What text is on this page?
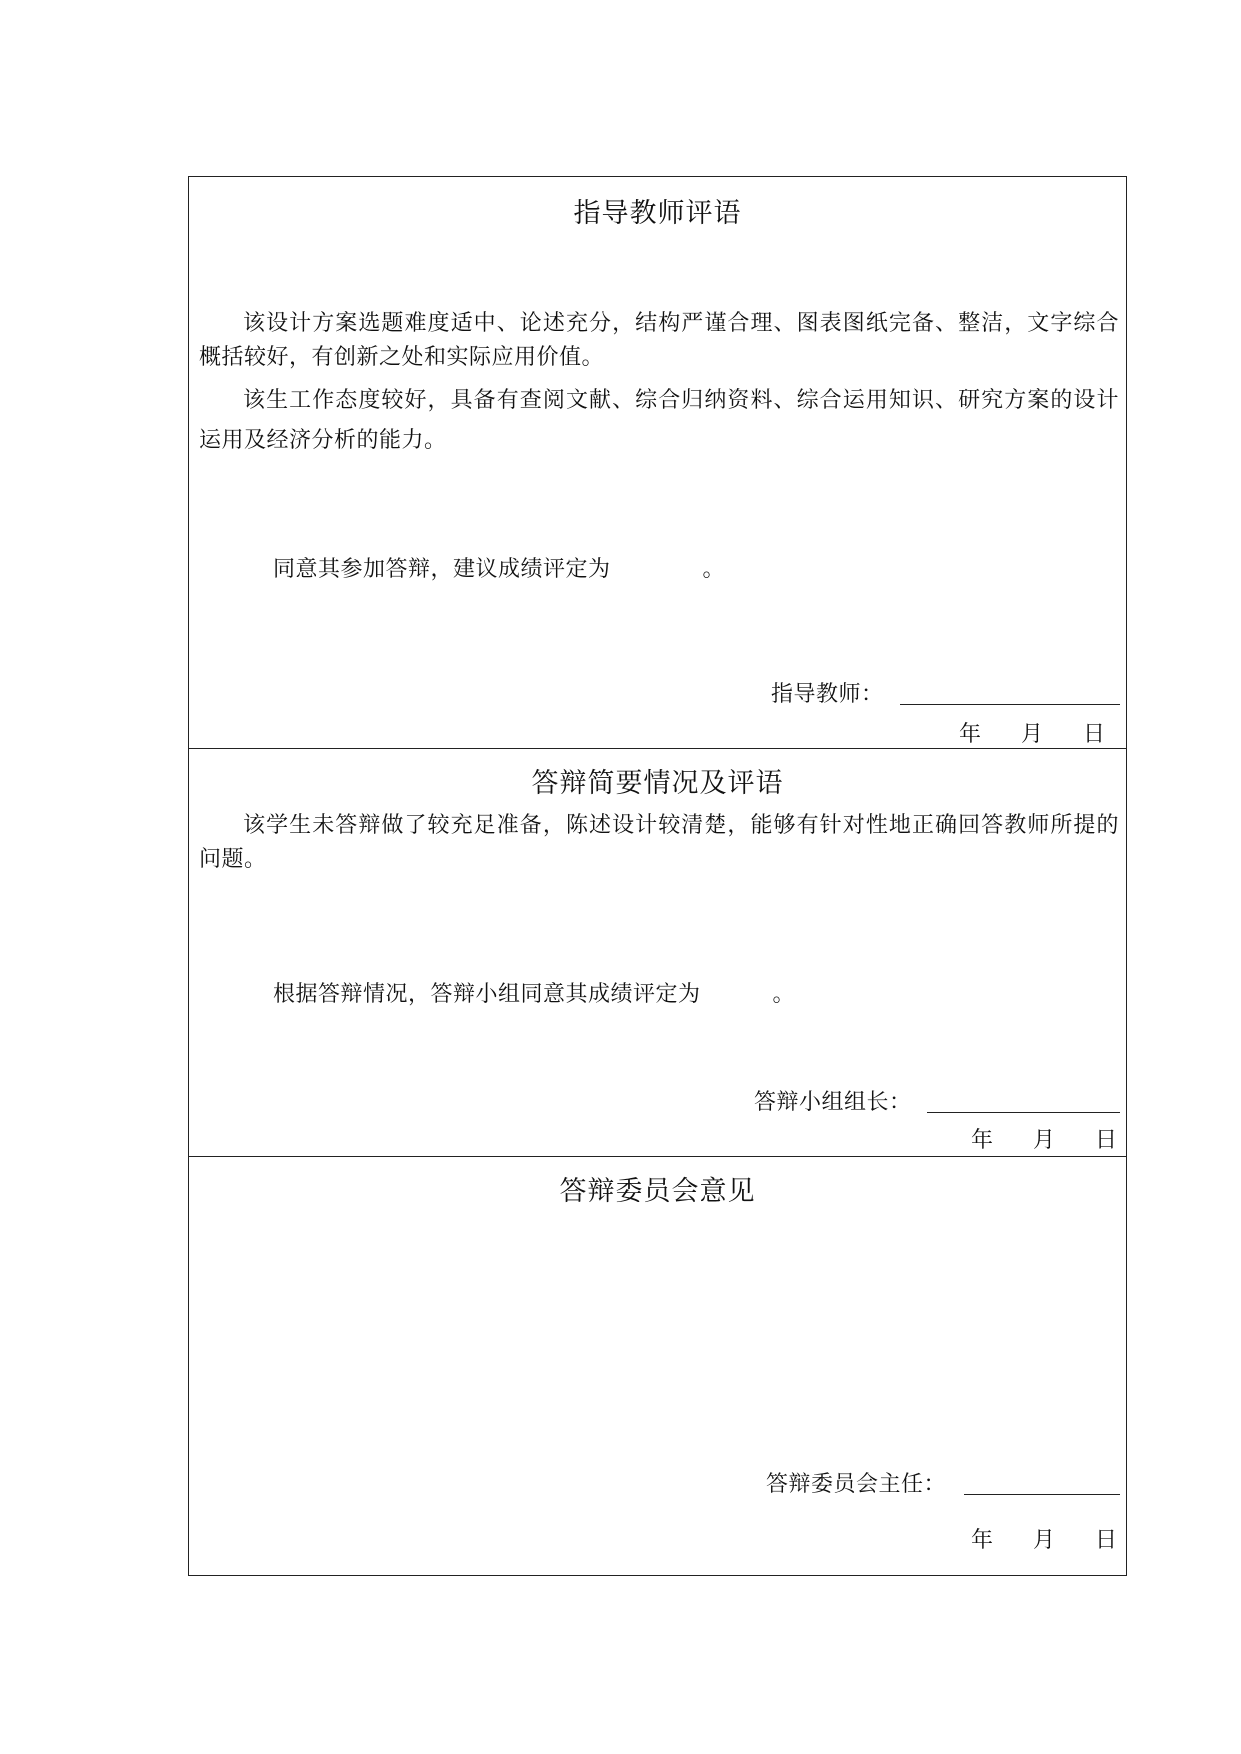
指导教师评语
该设计方案选题难度适中、论述充分，结构严谨合理、图表图纸完备、整洁，文字综合概括较好，有创新之处和实际应用价值。
该生工作态度较好，具备有查阅文献、综合归纳资料、综合运用知识、研究方案的设计运用及经济分析的能力。
同意其参加答辩，建议成绩评定为	。
指导教师：
年 月 日
答辩简要情况及评语
该学生未答辩做了较充足准备，陈述设计较清楚，能够有针对性地正确回答教师所提的问题。
根据答辩情况，答辩小组同意其成绩评定为	。
答辩小组组长：
年 月 日
答辩委员会意见
答辩委员会主任：
年 月 日
